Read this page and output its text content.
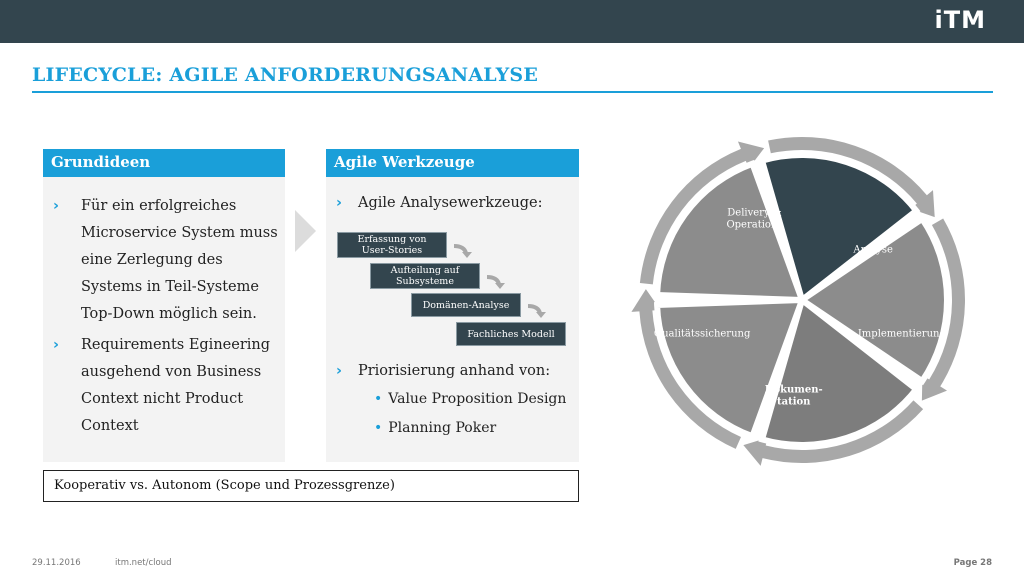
iTM
LIFECYCLE: AGILE ANFORDERUNGSANALYSE
Grundideen
› Für ein erfolgreiches Microservice System muss eine Zerlegung des Systems in Teil-Systeme Top-Down möglich sein.
› Requirements Egineering ausgehend von Business Context nicht Product Context
Agile Werkzeuge
› Agile Analysewerkzeuge:
Erfassung von User-Stories
Aufteilung auf Subsysteme
Domänen-Analyse
Fachliches Modell
› Priorisierung anhand von:
• Value Proposition Design
• Planning Poker
Kooperativ vs. Autonom (Scope und Prozessgrenze)
Analyse
Implementierung
Dokumen-tation
Qualitätssicherung
Delivery & Operations
29.11.2016	itm.net/cloud	Page 28
